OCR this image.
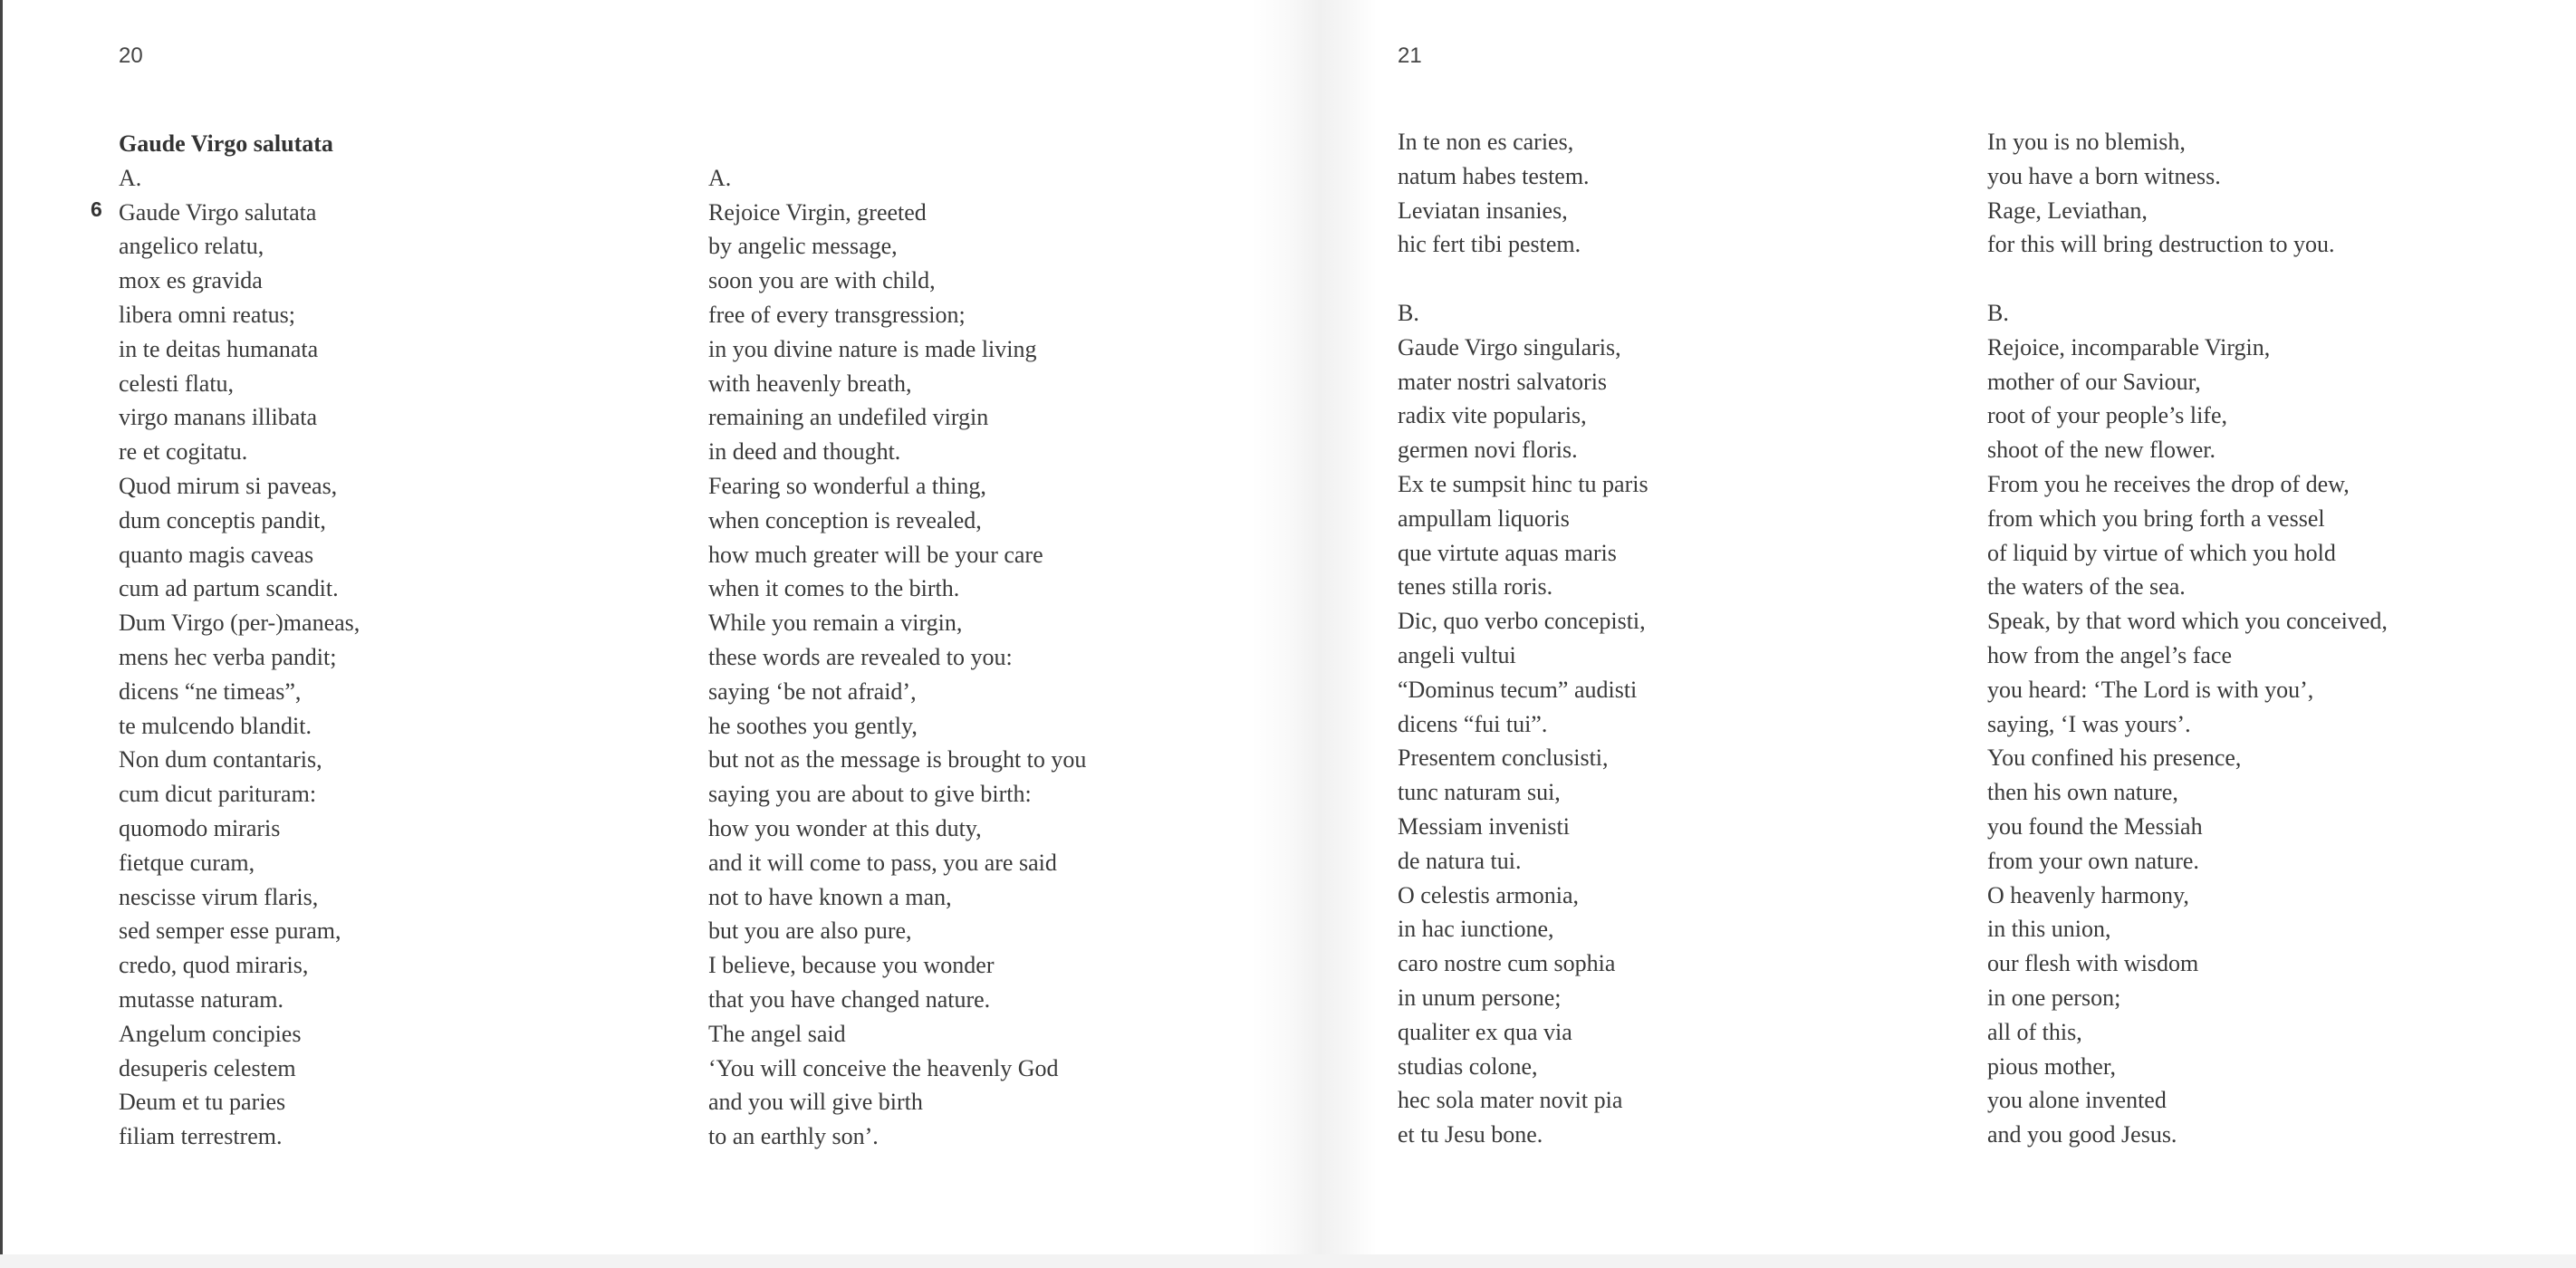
20
6
Gaude Virgo salutata
A.
Gaude Virgo salutata
angelico relatu,
mox es gravida
libera omni reatus;
in te deitas humanata
celesti flatu,
virgo manans illibata
re et cogitatu.
Quod mirum si paveas,
dum conceptis pandit,
quanto magis caveas
cum ad partum scandit.
Dum Virgo (per-)maneas,
mens hec verba pandit;
dicens “ne timeas”,
te mulcendo blandit.
Non dum contantaris,
cum dicut parituram:
quomodo miraris
fietque curam,
nescisse virum flaris,
sed semper esse puram,
credo, quod miraris,
mutasse naturam.
Angelum concipies
desuperis celestem
Deum et tu paries
filiam terrestrem.
A.
Rejoice Virgin, greeted
by angelic message,
soon you are with child,
free of every transgression;
in you divine nature is made living
with heavenly breath,
remaining an undefiled virgin
in deed and thought.
Fearing so wonderful a thing,
when conception is revealed,
how much greater will be your care
when it comes to the birth.
While you remain a virgin,
these words are revealed to you:
saying ‘be not afraid’,
he soothes you gently,
but not as the message is brought to you
saying you are about to give birth:
how you wonder at this duty,
and it will come to pass, you are said
not to have known a man,
but you are also pure,
I believe, because you wonder
that you have changed nature.
The angel said
‘You will conceive the heavenly God
and you will give birth
to an earthly son’.
21
In te non es caries,
natum habes testem.
Leviatan insanies,
hic fert tibi pestem.
B.
Gaude Virgo singularis,
mater nostri salvatoris
radix vite popularis,
germen novi floris.
Ex te sumpsit hinc tu paris
ampullam liquoris
que virtute aquas maris
tenes stilla roris.
Dic, quo verbo concepisti,
angeli vultui
“Dominus tecum” audisti
dicens “fui tui”.
Presentem conclusisti,
tunc naturam sui,
Messiam invenisti
de natura tui.
O celestis armonia,
in hac iunctione,
caro nostre cum sophia
in unum persone;
qualiter ex qua via
studias colone,
hec sola mater novit pia
et tu Jesu bone.
In you is no blemish,
you have a born witness.
Rage, Leviathan,
for this will bring destruction to you.
B.
Rejoice, incomparable Virgin,
mother of our Saviour,
root of your people’s life,
shoot of the new flower.
From you he receives the drop of dew,
from which you bring forth a vessel
of liquid by virtue of which you hold
the waters of the sea.
Speak, by that word which you conceived,
how from the angel’s face
you heard: ‘The Lord is with you’,
saying, ‘I was yours’.
You confined his presence,
then his own nature,
you found the Messiah
from your own nature.
O heavenly harmony,
in this union,
our flesh with wisdom
in one person;
all of this,
pious mother,
you alone invented
and you good Jesus.
